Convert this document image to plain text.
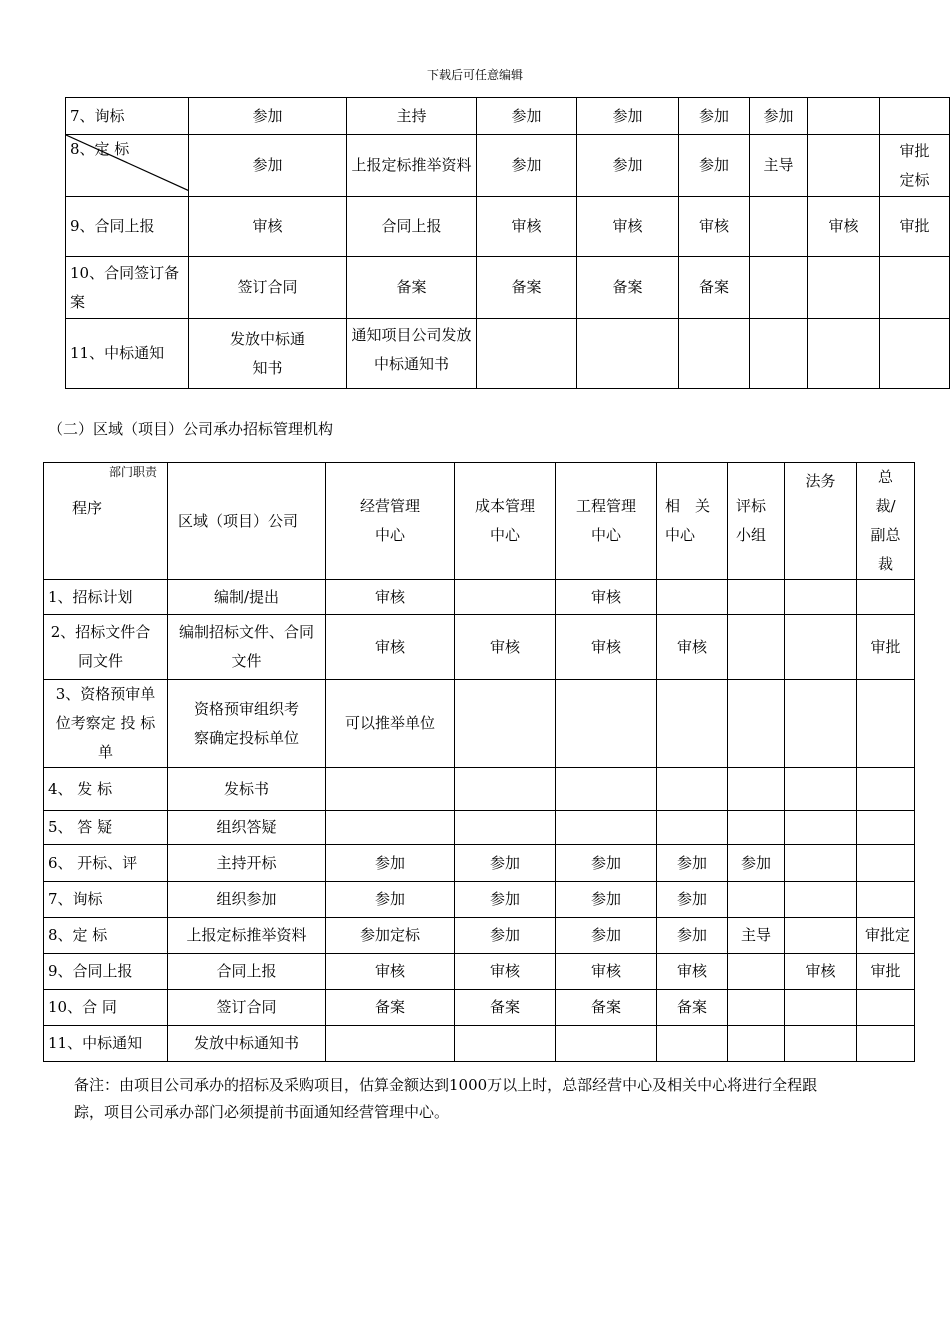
下载后可任意编辑
7、询标	参加	主持	参加	参加	参加	参加		

8、定 标	参加	上报定标推举资料	参加	参加	参加	主导		审批定标
9、合同上报	审核	合同上报	审核	审核	审核		审核	审批
10、合同签订备案	签订合同	备案	备案	备案	备案			
11、中标通知	发放中标通知书	通知项目公司发放中标通知书						

（二）区域（项目）公司承办招标管理机构
部门职责
程序	区域（项目）公司	经营管理中心	成本管理中心	工程管理中心	相　关中心	评标小组	法务	总裁/副总裁
1、招标计划	编制/提出	审核		审核				
2、招标文件合同文件	编制招标文件、合同文件	审核	审核	审核	审核			审批
3、资格预审单位考察定 投 标 单	资格预审组织考察确定投标单位	可以推举单位						
4、 发 标	发标书							
5、 答 疑	组织答疑							
6、 开标、评	主持开标	参加	参加	参加	参加	参加		
7、询标	组织参加	参加	参加	参加	参加			
8、定 标	上报定标推举资料	参加定标	参加	参加	参加	主导		审批定
9、合同上报	合同上报	审核	审核	审核	审核		审核	审批
10、合 同	签订合同	备案	备案	备案	备案			
11、中标通知	发放中标通知书							
备注：由项目公司承办的招标及采购项目，估算金额达到1000万以上时，总部经营中心及相关中心将进行全程跟踪，项目公司承办部门必须提前书面通知经营管理中心。
